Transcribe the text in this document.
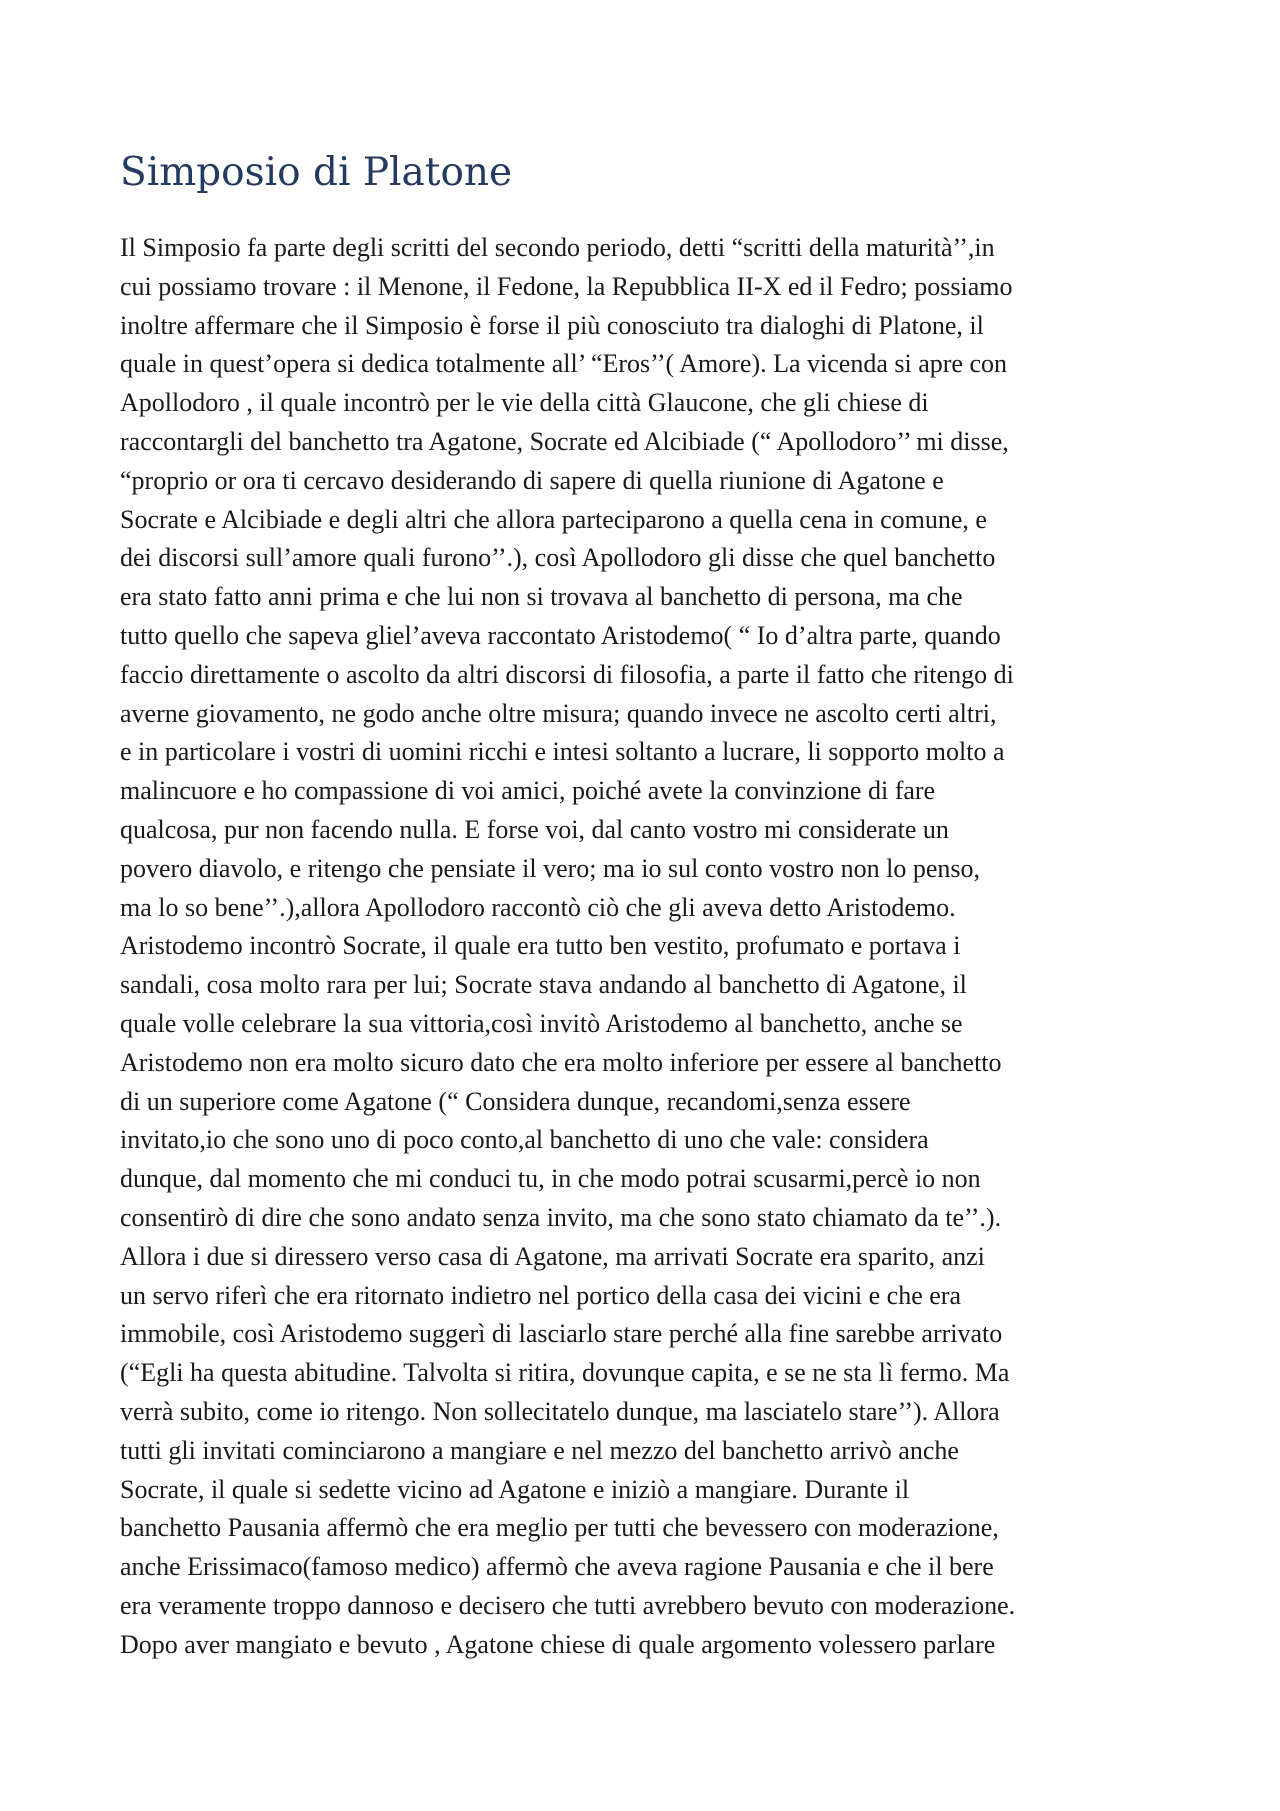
Simposio di Platone
Il Simposio fa parte degli scritti del secondo periodo, detti “scritti della maturità’’,in
cui possiamo trovare : il Menone, il Fedone, la Repubblica II-X ed il Fedro; possiamo
inoltre affermare che il Simposio è forse il più conosciuto tra dialoghi di Platone, il
quale in quest’opera si dedica totalmente all’ “Eros’’( Amore). La vicenda si apre con
Apollodoro , il quale incontrò per le vie della città Glaucone, che gli chiese di
raccontargli del banchetto tra Agatone, Socrate ed Alcibiade (“ Apollodoro’’ mi disse,
“proprio or ora ti cercavo desiderando di sapere di quella riunione di Agatone e
Socrate e Alcibiade e degli altri che allora parteciparono a quella cena in comune, e
dei discorsi sull’amore quali furono’’.), così Apollodoro gli disse che quel banchetto
era stato fatto anni prima e che lui non si trovava al banchetto di persona, ma che
tutto quello che sapeva gliel’aveva raccontato Aristodemo( “ Io d’altra parte, quando
faccio direttamente o ascolto da altri discorsi di filosofia, a parte il fatto che ritengo di
averne giovamento, ne godo anche oltre misura; quando invece ne ascolto certi altri,
e in particolare i vostri di uomini ricchi e intesi soltanto a lucrare, li sopporto molto a
malincuore e ho compassione di voi amici, poiché avete la convinzione di fare
qualcosa, pur non facendo nulla. E forse voi, dal canto vostro mi considerate un
povero diavolo, e ritengo che pensiate il vero; ma io sul conto vostro non lo penso,
ma lo so bene’’.),allora Apollodoro raccontò ciò che gli aveva detto Aristodemo.
Aristodemo incontrò Socrate, il quale era tutto ben vestito, profumato e portava i
sandali, cosa molto rara per lui; Socrate stava andando al banchetto di Agatone, il
quale volle celebrare la sua vittoria,così invitò Aristodemo al banchetto, anche se
Aristodemo non era molto sicuro dato che era molto inferiore per essere al banchetto
di un superiore come Agatone (“ Considera dunque, recandomi,senza essere
invitato,io che sono uno di poco conto,al banchetto di uno che vale: considera
dunque, dal momento che mi conduci tu, in che modo potrai scusarmi,percè io non
consentirò di dire che sono andato senza invito, ma che sono stato chiamato da te’’.).
Allora i due si diressero verso casa di Agatone, ma arrivati Socrate era sparito, anzi
un servo riferì che era ritornato indietro nel portico della casa dei vicini e che era
immobile, così Aristodemo suggerì di lasciarlo stare perché alla fine sarebbe arrivato
(“Egli ha questa abitudine. Talvolta si ritira, dovunque capita, e se ne sta lì fermo. Ma
verrà subito, come io ritengo. Non sollecitatelo dunque, ma lasciatelo stare’’). Allora
tutti gli invitati cominciarono a mangiare e nel mezzo del banchetto arrivò anche
Socrate, il quale si sedette vicino ad Agatone e iniziò a mangiare. Durante il
banchetto Pausania affermò che era meglio per tutti che bevessero con moderazione,
anche Erissimaco(famoso medico) affermò che aveva ragione Pausania e che il bere
era veramente troppo dannoso e decisero che tutti avrebbero bevuto con moderazione.
Dopo aver mangiato e bevuto , Agatone chiese di quale argomento volessero parlare
